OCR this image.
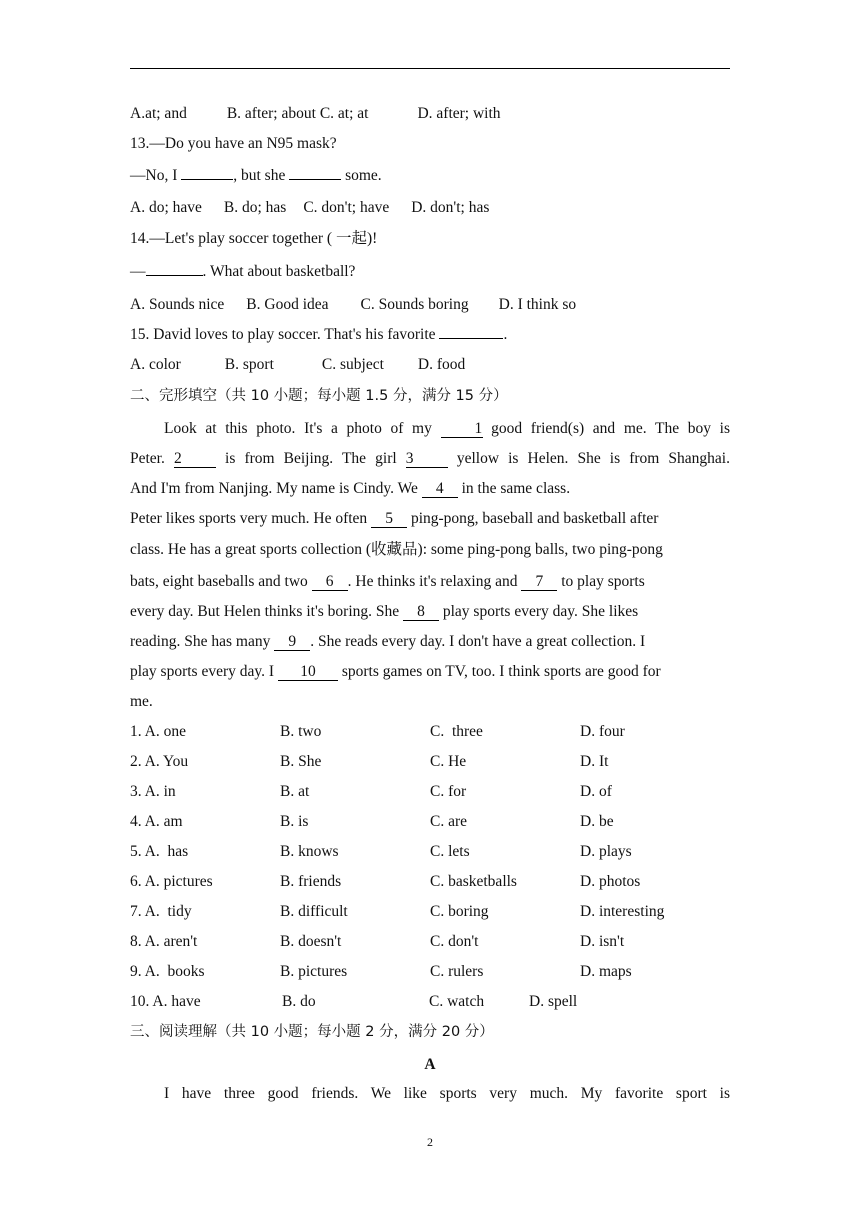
A.at; and	B. after; about C. at; at	D. after; with
13.—Do you have an N95 mask?
—No, I	, but she	some.
A. do; have B. do; has C. don't; have D. don't; has
14.—Let's play soccer together ( 一起)!
—	. What about basketball?
A. Sounds nice B. Good idea C. Sounds boring D. I think so
15. David loves to play soccer. That's his favorite	.
A. color	B. sport	C. subject D. food
二、完形填空（共 10 小题；每小题 1.5 分，满分 15 分）
Look at this photo. It's a photo of my 1 good friend(s) and me. The boy is
Peter. 2 is from Beijing. The girl 3 yellow is Helen. She is from Shanghai.
And I'm from Nanjing. My name is Cindy. We 4 in the same class.
Peter likes sports very much. He often 5 ping-pong, baseball and basketball after
class. He has a great sports collection (收藏品): some ping-pong balls, two ping-pong
bats, eight baseballs and two 6 . He thinks it's relaxing and 7 to play sports
every day. But Helen thinks it's boring. She 8 play sports every day. She likes
reading. She has many 9 . She reads every day. I don't have a great collection. I
play sports every day. I 10 sports games on TV, too. I think sports are good for
me.
1. A. one	B. two	C.  three	D. four
2. A. You	B. She	C. He	D. It
3. A. in	B. at	C. for	D. of
4. A. am	B. is	C. are	D. be
5. A.  has	B. knows	C. lets	D. plays
6. A. pictures	B. friends	C. basketballs	D. photos
7. A.  tidy	B. difficult	C. boring	D. interesting
8. A. aren't	B. doesn't	C. don't	D. isn't
9. A.  books	B. pictures	C. rulers	D. maps
10. A. have	B. do	C. watch	D. spell
三、阅读理解（共 10 小题；每小题 2 分，满分 20 分）
A
I  have  three  good  friends.  We  like  sports  very  much.  My  favorite  sport  is
2
